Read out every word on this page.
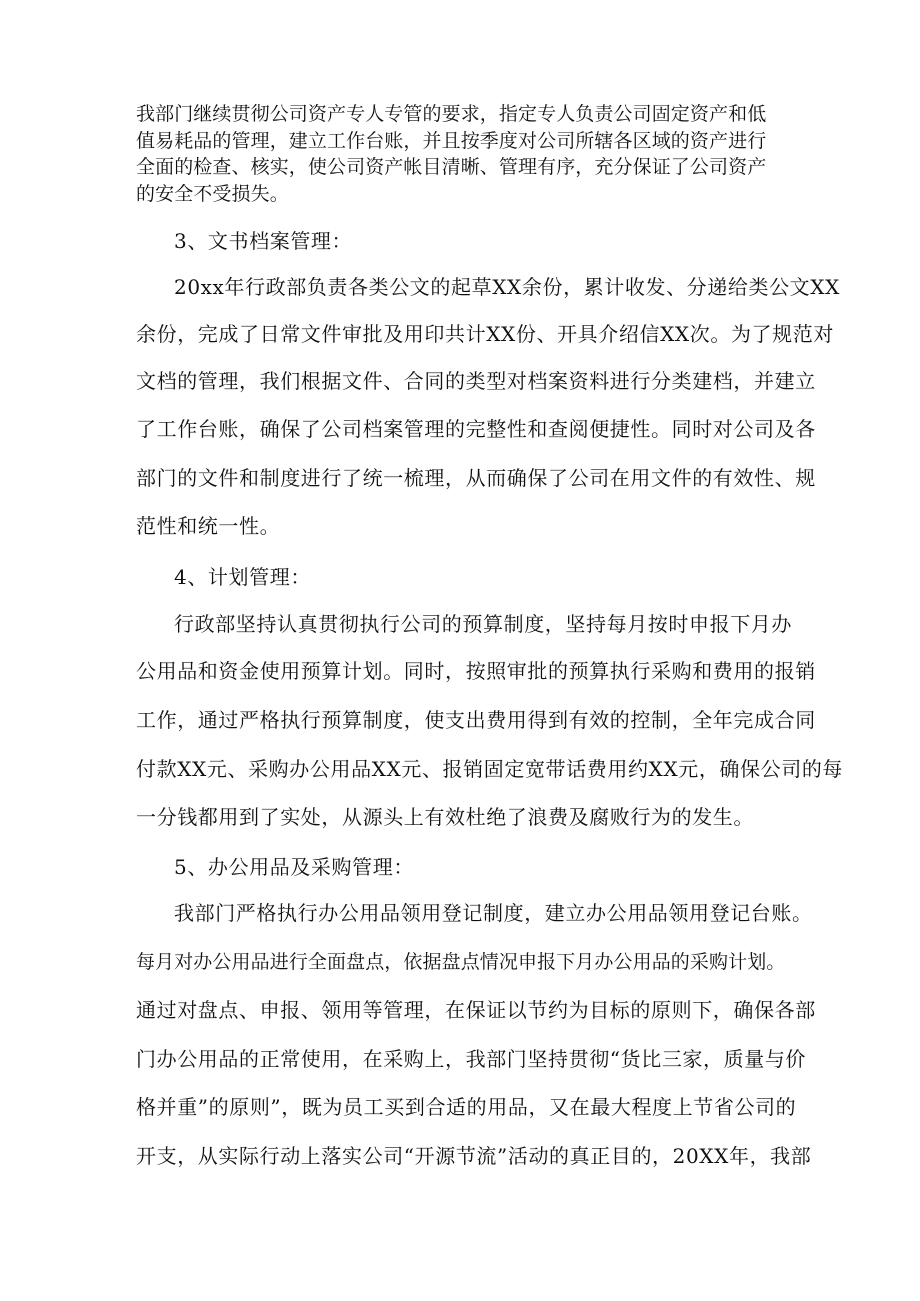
我部门继续贯彻公司资产专人专管的要求，指定专人负责公司固定资产和低
值易耗品的管理，建立工作台账，并且按季度对公司所辖各区域的资产进行
全面的检查、核实，使公司资产帐目清晰、管理有序，充分保证了公司资产
的安全不受损失。
3、文书档案管理：
20xx年行政部负责各类公文的起草XX余份，累计收发、分递给类公文XX
余份，完成了日常文件审批及用印共计XX份、开具介绍信XX次。为了规范对
文档的管理，我们根据文件、合同的类型对档案资料进行分类建档，并建立
了工作台账，确保了公司档案管理的完整性和查阅便捷性。同时对公司及各
部门的文件和制度进行了统一梳理，从而确保了公司在用文件的有效性、规
范性和统一性。
4、计划管理：
行政部坚持认真贯彻执行公司的预算制度，坚持每月按时申报下月办
公用品和资金使用预算计划。同时，按照审批的预算执行采购和费用的报销
工作，通过严格执行预算制度，使支出费用得到有效的控制，全年完成合同
付款XX元、采购办公用品XX元、报销固定宽带话费用约XX元，确保公司的每
一分钱都用到了实处，从源头上有效杜绝了浪费及腐败行为的发生。
5、办公用品及采购管理：
我部门严格执行办公用品领用登记制度，建立办公用品领用登记台账。
每月对办公用品进行全面盘点，依据盘点情况申报下月办公用品的采购计划。
通过对盘点、申报、领用等管理，在保证以节约为目标的原则下，确保各部
门办公用品的正常使用，在采购上，我部门坚持贯彻“货比三家，质量与价
格并重”的原则”，既为员工买到合适的用品，又在最大程度上节省公司的
开支，从实际行动上落实公司“开源节流”活动的真正目的，20XX年，我部
